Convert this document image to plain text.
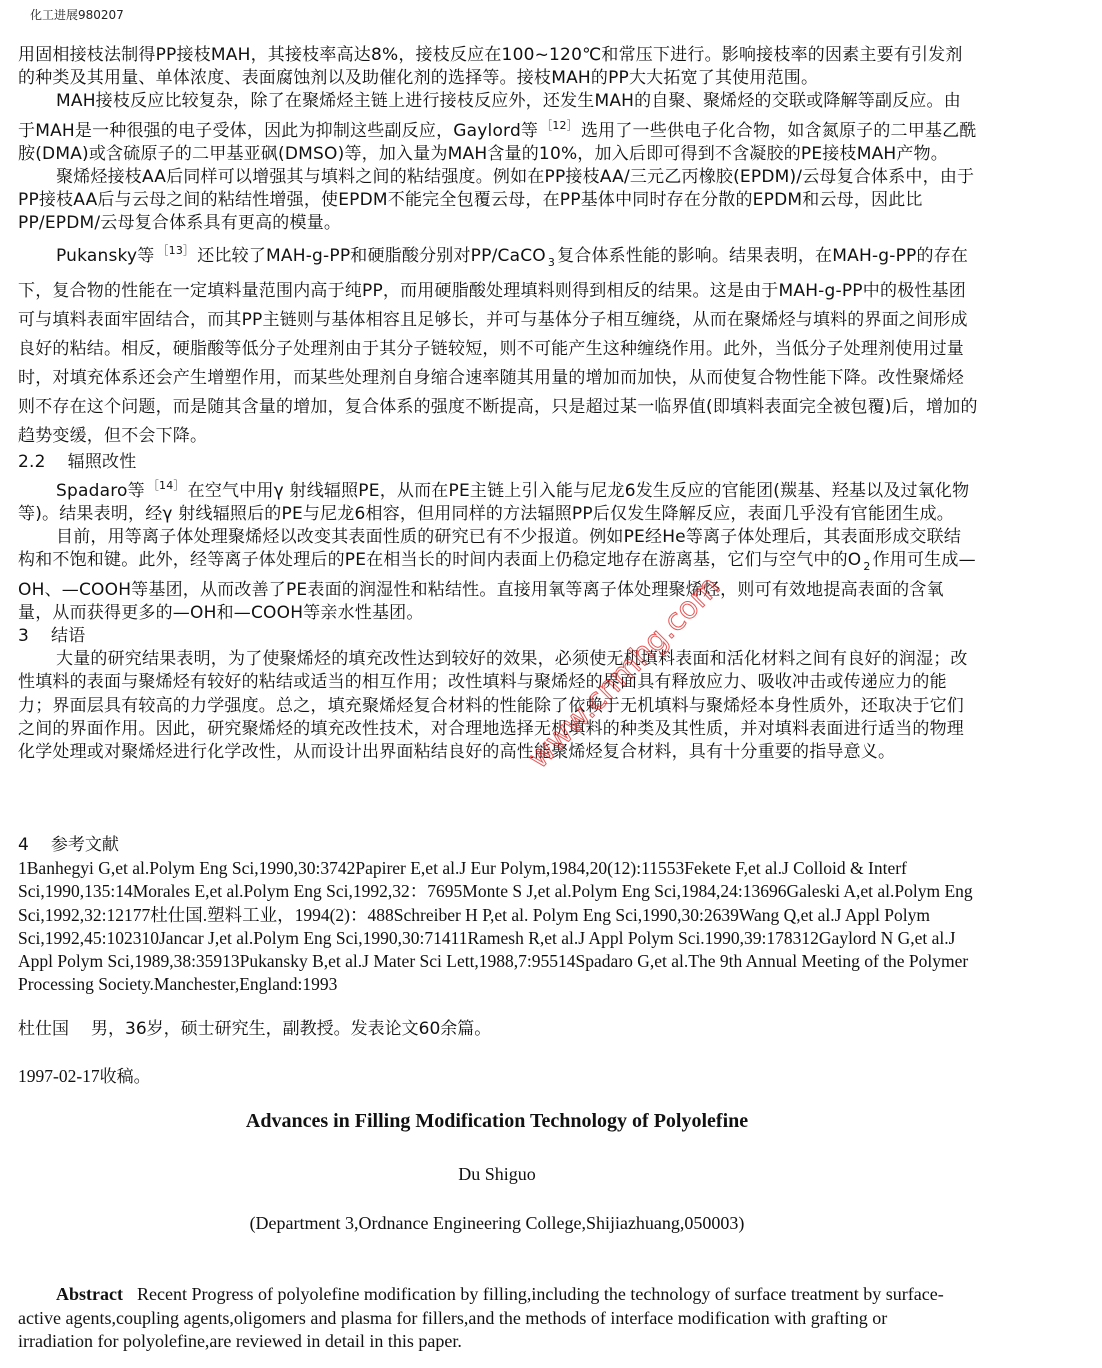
化工进展980207

用固相接枝法制得PP接枝MAH，其接枝率高达8%，接枝反应在100~120℃和常压下进行。影响接枝率的因素主要有引发剂的种类及其用量、单体浓度、表面腐蚀剂以及助催化剂的选择等。接枝MAH的PP大大拓宽了其使用范围。

MAH接枝反应比较复杂，除了在聚烯烃主链上进行接枝反应外，还发生MAH的自聚、聚烯烃的交联或降解等副反应。由于MAH是一种很强的电子受体，因此为抑制这些副反应，Gaylord等 $^{[12]}$ 选用了一些供电子化合物，如含氮原子的二甲基乙酰胺(DMA)或含硫原子的二甲基亚砜(DMSO)等，加入量为MAH含量的10%，加入后即可得到不含凝胶的PE接枝MAH产物。

聚烯烃接枝AA后同样可以增强其与填料之间的粘结强度。例如在PP接枝AA/三元乙丙橡胶(EPDM)/云母复合体系中，由于PP接枝AA后与云母之间的粘结性增强，使EPDM不能完全包覆云母，在PP基体中同时存在分散的EPDM和云母，因此比PP/EPDM/云母复合体系具有更高的模量。

Pukansky等 $^{[13]}$ 还比较了MAH-g-PP和硬脂酸分别对PP/CaCO $_3$ 复合体系性能的影响。结果表明，在MAH-g-PP的存在下，复合物的性能在一定填料量范围内高于纯PP，而用硬脂酸处理填料则得到相反的结果。这是由于MAH-g-PP中的极性基团可与填料表面牢固结合，而其PP主链则与基体相容且足够长，并可与基体分子相互缠绕，从而在聚烯烃与填料的界面之间形成良好的粘结。相反，硬脂酸等低分子处理剂由于其分子链较短，则不可能产生这种缠绕作用。此外，当低分子处理剂使用过量时，对填充体系还会产生增塑作用，而某些处理剂自身缩合速率随其用量的增加而加快，从而使复合物性能下降。改性聚烯烃则不存在这个问题，而是随其含量的增加，复合体系的强度不断提高，只是超过某一临界值(即填料表面完全被包覆)后，增加的趋势变缓，但不会下降。

2.2 辐照改性

Spadaro等 $^{[14]}$ 在空气中用γ 射线辐照PE，从而在PE主链上引入能与尼龙6发生反应的官能团(羰基、羟基以及过氧化物等)。结果表明，经γ 射线辐照后的PE与尼龙6相容，但用同样的方法辐照PP后仅发生降解反应，表面几乎没有官能团生成。

目前，用等离子体处理聚烯烃以改变其表面性质的研究已有不少报道。例如PE经He等离子体处理后，其表面形成交联结构和不饱和键。此外，经等离子体处理后的PE在相当长的时间内表面上仍稳定地存在游离基，它们与空气中的O $_2$ 作用可生成—OH、—COOH等基团，从而改善了PE表面的润湿性和粘结性。直接用氧等离子体处理聚烯烃，则可有效地提高表面的含氧量，从而获得更多的—OH和—COOH等亲水性基团。

3 结语

大量的研究结果表明，为了使聚烯烃的填充改性达到较好的效果，必须使无机填料表面和活化材料之间有良好的润湿；改性填料的表面与聚烯烃有较好的粘结或适当的相互作用；改性填料与聚烯烃的界面具有释放应力、吸收冲击或传递应力的能力；界面层具有较高的力学强度。总之，填充聚烯烃复合材料的性能除了依赖于无机填料与聚烯烃本身性质外，还取决于它们之间的界面作用。因此，研究聚烯烃的填充改性技术，对合理地选择无机填料的种类及其性质，并对填料表面进行适当的物理化学处理或对聚烯烃进行化学改性，从而设计出界面粘结良好的高性能聚烯烃复合材料，具有十分重要的指导意义。

4 参考文献
1Banhegyi G,et al.Polym Eng Sci,1990,30:3742Papirer E,et al.J Eur Polym,1984,20(12):11553Fekete F,et al.J Colloid & Interf Sci,1990,135:14Morales E,et al.Polym Eng Sci,1992,32：7695Monte S J,et al.Polym Eng Sci,1984,24:13696Galeski A,et al.Polym Eng Sci,1992,32:12177杜仕国.塑料工业，1994(2)：488Schreiber H P,et al. Polym Eng Sci,1990,30:2639Wang Q,et al.J Appl Polym Sci,1992,45:102310Jancar J,et al.Polym Eng Sci,1990,30:71411Ramesh R,et al.J Appl Polym Sci.1990,39:178312Gaylord N G,et al.J Appl Polym Sci,1989,38:35913Pukansky B,et al.J Mater Sci Lett,1988,7:95514Spadaro G,et al.The 9th Annual Meeting of the Polymer Processing Society.Manchester,England:1993
杜仕国 男，36岁，硕士研究生，副教授。发表论文60余篇。
1997-02-17收稿。
Advances in Filling Modification Technology of Polyolefine
Du Shiguo
(Department 3,Ordnance Engineering College,Shijiazhuang,050003)
Abstract Recent Progress of polyolefine modification by filling,including the technology of surface treatment by surface-active agents,coupling agents,oligomers and plasma for fillers,and the methods of interface modification with grafting or irradiation for polyolefine,are reviewed in detail in this paper.
www.cnmhg.com
